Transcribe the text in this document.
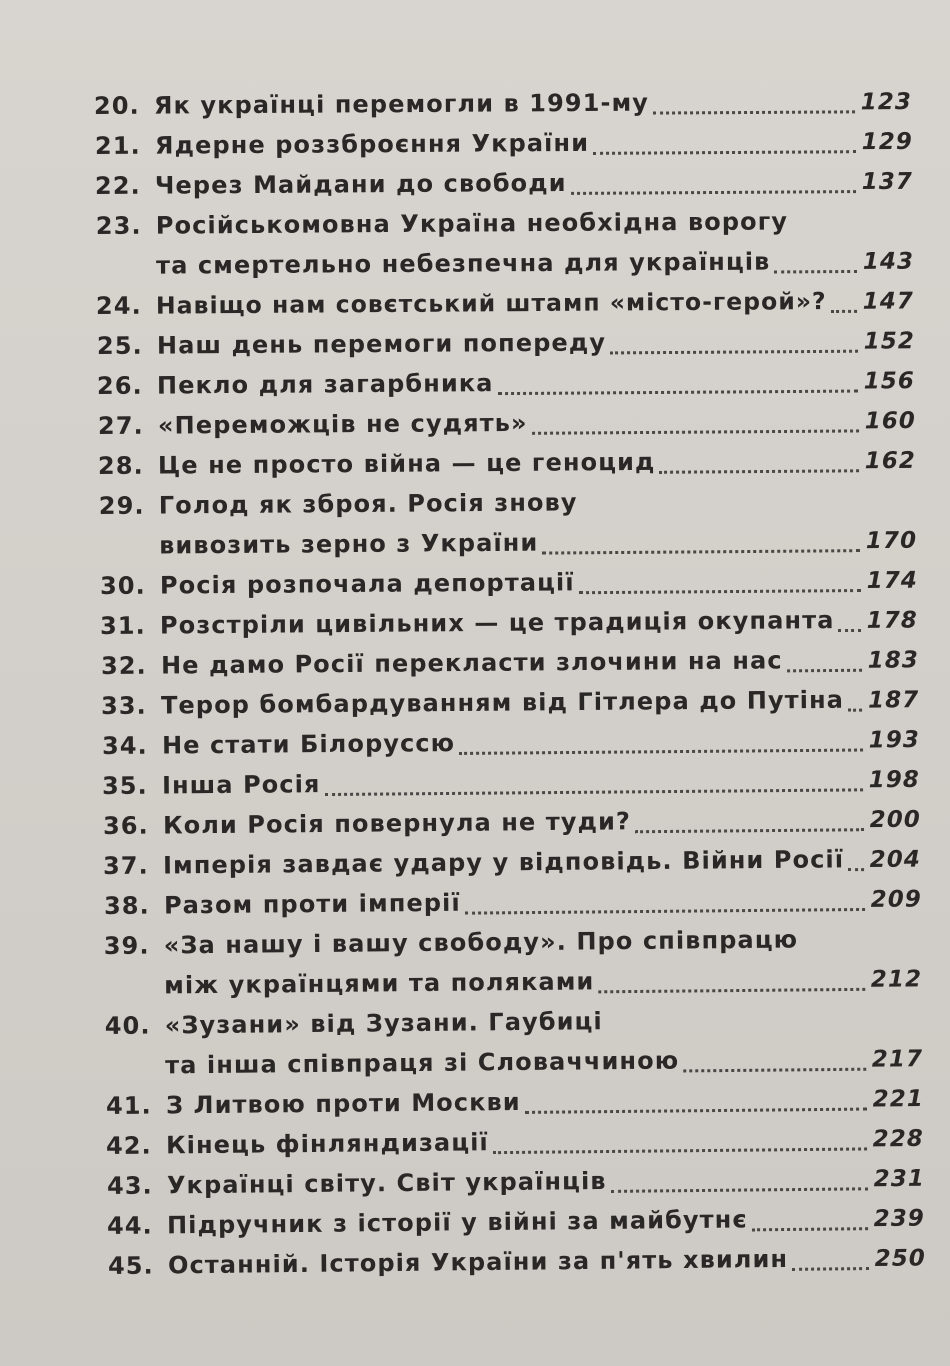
20. Як українці перемогли в 1991-му	123
21. Ядерне роззброєння України	129
22. Через Майдани до свободи	137
23. Російськомовна Україна необхідна ворогу
та смертельно небезпечна для українців	143
24. Навіщо нам совєтський штамп «місто-герой»? 147
25. Наш день перемоги попереду	152
26. Пекло для загарбника	156
27. «Переможців не судять»	160
28. Це не просто війна — це геноцид	162
29. Голод як зброя. Росія знову
вивозить зерно з України	170
30. Росія розпочала депортації	174
31. Розстріли цивільних — це традиція окупанта 178
32. Не дамо Росії перекласти злочини на нас	183
33. Терор бомбардуванням від Гітлера до Путіна 187
34. Не стати Білоруссю	193
35. Інша Росія	198
36. Коли Росія повернула не туди?	200
37. Імперія завдає удару у відповідь. Війни Росії 204
38. Разом проти імперії	209
39. «За нашу і вашу свободу». Про співпрацю
між українцями та поляками	212
40. «Зузани» від Зузани. Гаубиці
та інша співпраця зі Словаччиною	217
41. З Литвою проти Москви	221
42. Кінець фінляндизації	228
43. Українці світу. Світ українців	231
44. Підручник з історії у війні за майбутнє	239
45. Останній. Історія України за п'ять хвилин	250
